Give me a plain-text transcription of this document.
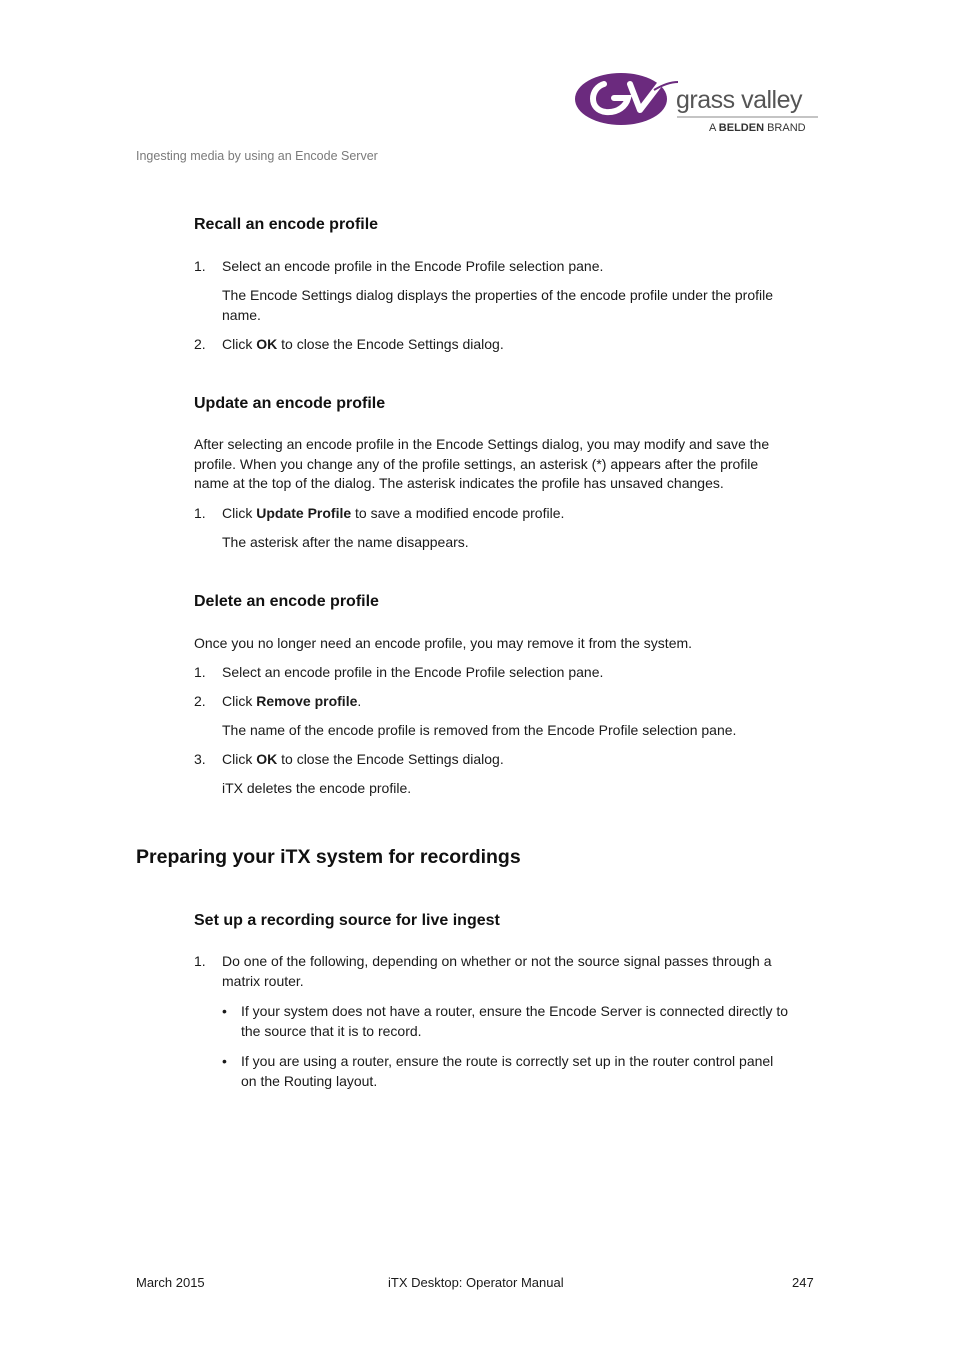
grass valley
A BELDEN BRAND
Ingesting media by using an Encode Server
Recall an encode profile
1. Select an encode profile in the Encode Profile selection pane.
The Encode Settings dialog displays the properties of the encode profile under the profile
name.
2. Click OK to close the Encode Settings dialog.
Update an encode profile
After selecting an encode profile in the Encode Settings dialog, you may modify and save the
profile. When you change any of the profile settings, an asterisk (*) appears after the profile
name at the top of the dialog. The asterisk indicates the profile has unsaved changes.
1. Click Update Profile to save a modified encode profile.
The asterisk after the name disappears.
Delete an encode profile
Once you no longer need an encode profile, you may remove it from the system.
1. Select an encode profile in the Encode Profile selection pane.
2. Click Remove profile.
The name of the encode profile is removed from the Encode Profile selection pane.
3. Click OK to close the Encode Settings dialog.
iTX deletes the encode profile.
Preparing your iTX system for recordings
Set up a recording source for live ingest
1. Do one of the following, depending on whether or not the source signal passes through a
matrix router.
• If your system does not have a router, ensure the Encode Server is connected directly to
the source that it is to record.
• If you are using a router, ensure the route is correctly set up in the router control panel
on the Routing layout.
March 2015	iTX Desktop: Operator Manual	247
